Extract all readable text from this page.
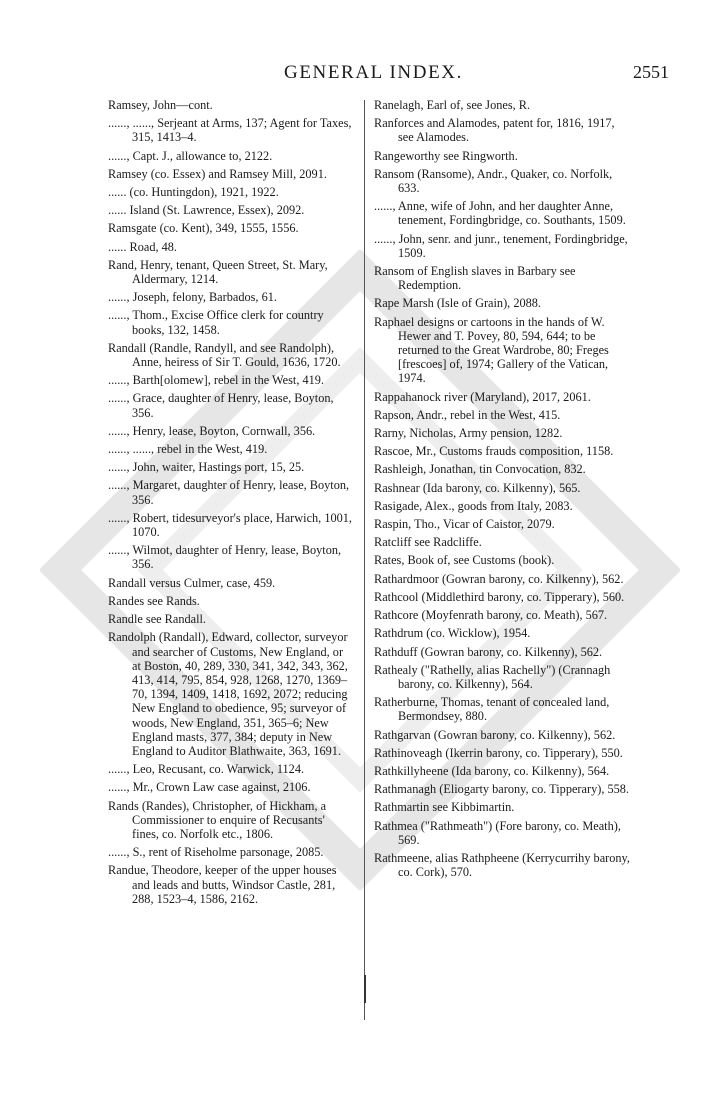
GENERAL INDEX.	2551
Ramsey, John—cont.
......, ......, Serjeant at Arms, 137; Agent for Taxes, 315, 1413–4.
......, Capt. J., allowance to, 2122.
Ramsey (co. Essex) and Ramsey Mill, 2091.
...... (co. Huntingdon), 1921, 1922.
...... Island (St. Lawrence, Essex), 2092.
Ramsgate (co. Kent), 349, 1555, 1556.
...... Road, 48.
Rand, Henry, tenant, Queen Street, St. Mary, Aldermary, 1214.
......, Joseph, felony, Barbados, 61.
......, Thom., Excise Office clerk for country books, 132, 1458.
Randall (Randle, Randyll, and see Randolph), Anne, heiress of Sir T. Gould, 1636, 1720.
......, Barth[olomew], rebel in the West, 419.
......, Grace, daughter of Henry, lease, Boyton, 356.
......, Henry, lease, Boyton, Cornwall, 356.
......, ......, rebel in the West, 419.
......, John, waiter, Hastings port, 15, 25.
......, Margaret, daughter of Henry, lease, Boyton, 356.
......, Robert, tidesurveyor's place, Harwich, 1001, 1070.
......, Wilmot, daughter of Henry, lease, Boyton, 356.
Randall versus Culmer, case, 459.
Randes see Rands.
Randle see Randall.
Randolph (Randall), Edward, collector, surveyor and searcher of Customs, New England, or at Boston, 40, 289, 330, 341, 342, 343, 362, 413, 414, 795, 854, 928, 1268, 1270, 1369–70, 1394, 1409, 1418, 1692, 2072; reducing New England to obedience, 95; surveyor of woods, New England, 351, 365–6; New England masts, 377, 384; deputy in New England to Auditor Blathwaite, 363, 1691.
......, Leo, Recusant, co. Warwick, 1124.
......, Mr., Crown Law case against, 2106.
Rands (Randes), Christopher, of Hickham, a Commissioner to enquire of Recusants' fines, co. Norfolk etc., 1806.
......, S., rent of Riseholme parsonage, 2085.
Randue, Theodore, keeper of the upper houses and leads and butts, Windsor Castle, 281, 288, 1523–4, 1586, 2162.
Ranelagh, Earl of, see Jones, R.
Ranforces and Alamodes, patent for, 1816, 1917, see Alamodes.
Rangeworthy see Ringworth.
Ransom (Ransome), Andr., Quaker, co. Norfolk, 633.
......, Anne, wife of John, and her daughter Anne, tenement, Fordingbridge, co. Southants, 1509.
......, John, senr. and junr., tenement, Fordingbridge, 1509.
Ransom of English slaves in Barbary see Redemption.
Rape Marsh (Isle of Grain), 2088.
Raphael designs or cartoons in the hands of W. Hewer and T. Povey, 80, 594, 644; to be returned to the Great Wardrobe, 80; Freges [frescoes] of, 1974; Gallery of the Vatican, 1974.
Rappahanock river (Maryland), 2017, 2061.
Rapson, Andr., rebel in the West, 415.
Rarny, Nicholas, Army pension, 1282.
Rascoe, Mr., Customs frauds composition, 1158.
Rashleigh, Jonathan, tin Convocation, 832.
Rashnear (Ida barony, co. Kilkenny), 565.
Rasigade, Alex., goods from Italy, 2083.
Raspin, Tho., Vicar of Caistor, 2079.
Ratcliff see Radcliffe.
Rates, Book of, see Customs (book).
Rathardmoor (Gowran barony, co. Kilkenny), 562.
Rathcool (Middlethird barony, co. Tipperary), 560.
Rathcore (Moyfenrath barony, co. Meath), 567.
Rathdrum (co. Wicklow), 1954.
Rathduff (Gowran barony, co. Kilkenny), 562.
Rathealy ("Rathelly, alias Rachelly") (Crannagh barony, co. Kilkenny), 564.
Ratherburne, Thomas, tenant of concealed land, Bermondsey, 880.
Rathgarvan (Gowran barony, co. Kilkenny), 562.
Rathinoveagh (Ikerrin barony, co. Tipperary), 550.
Rathkillyheene (Ida barony, co. Kilkenny), 564.
Rathmanagh (Eliogarty barony, co. Tipperary), 558.
Rathmartin see Kibbimartin.
Rathmea ("Rathmeath") (Fore barony, co. Meath), 569.
Rathmeene, alias Rathpheene (Kerrycurrihy barony, co. Cork), 570.
